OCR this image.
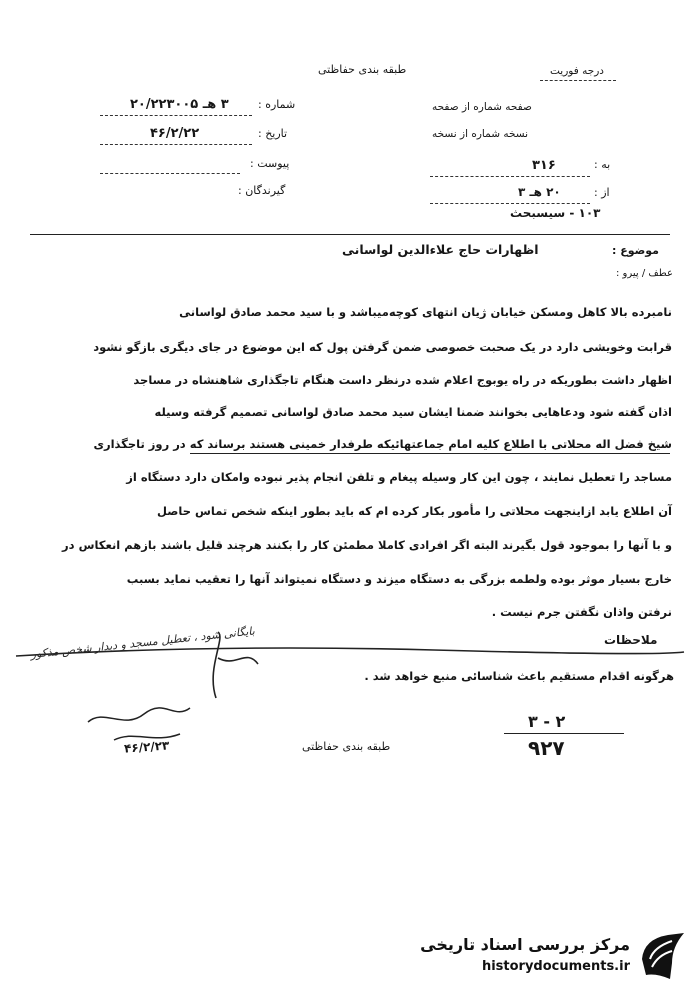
طبقه بندی حفاظتی	درجه فوریت
صفحه شماره از صفحه
نسخه شماره از نسخه
به :
۳۱۶
از :
۲۰ هـ ۳
۱۰۳ - سیسبحث
شماره :
۳ هـ ۲۰/۲۲۳۰۰۵
تاریخ :
۴۶/۲/۲۲
پیوست :
گیرندگان :
موضوع :
اظهارات حاج علاءالدین لواسانی
عطف / پیرو :
نامبرده بالا کاهل ومسکن خیابان ژیان انتهای کوچه‌میباشد و با سید محمد صادق لواسانی
قرابت وخویشی دارد در یک صحبت خصوصی ضمن گرفتن پول که این موضوع در جای دیگری بازگو نشود
اظهار داشت بطوریکه در راه یوبوج اعلام شده درنظر داست هنگام تاجگذاری شاهنشاه در مساجد
اذان گفته شود ودعاهایی بخوانند ضمنا ایشان سید محمد صادق لواسانی تصمیم گرفته وسیله
شیخ فضل اله محلاتی با اطلاع کلیه امام جماعتهائیکه طرفدار خمینی هستند برساند که در روز تاجگذاری
مساجد را تعطیل نمایند ، چون این کار وسیله پیغام و تلفن انجام پذیر نبوده وامکان دارد دستگاه از
آن اطلاع یابد ازاینجهت محلاتی را مأمور بکار کرده ام که باید بطور اینکه شخص تماس حاصل
و با آنها را بموجود قول بگیرند البته اگر افرادی کاملا مطمئن کار را بکنند هرچند قلیل باشند بازهم انعکاس در
خارج بسیار موثر بوده ولطمه بزرگی به دستگاه میزند و دستگاه نمیتواند آنها را تعقیب نماید بسبب
نرفتن واذان نگفتن جرم نیست .
ملاحظات
بایگانی شود ، تعطیل مسجد و دیدار شخص مذکور
هرگونه اقدام مستقیم باعث شناسائی منبع خواهد شد .
۴۶/۲/۲۳
۲ - ۳
۹۲۷
طبقه بندی حفاظتی
مرکز بررسی اسناد تاریخی
historydocuments.ir
